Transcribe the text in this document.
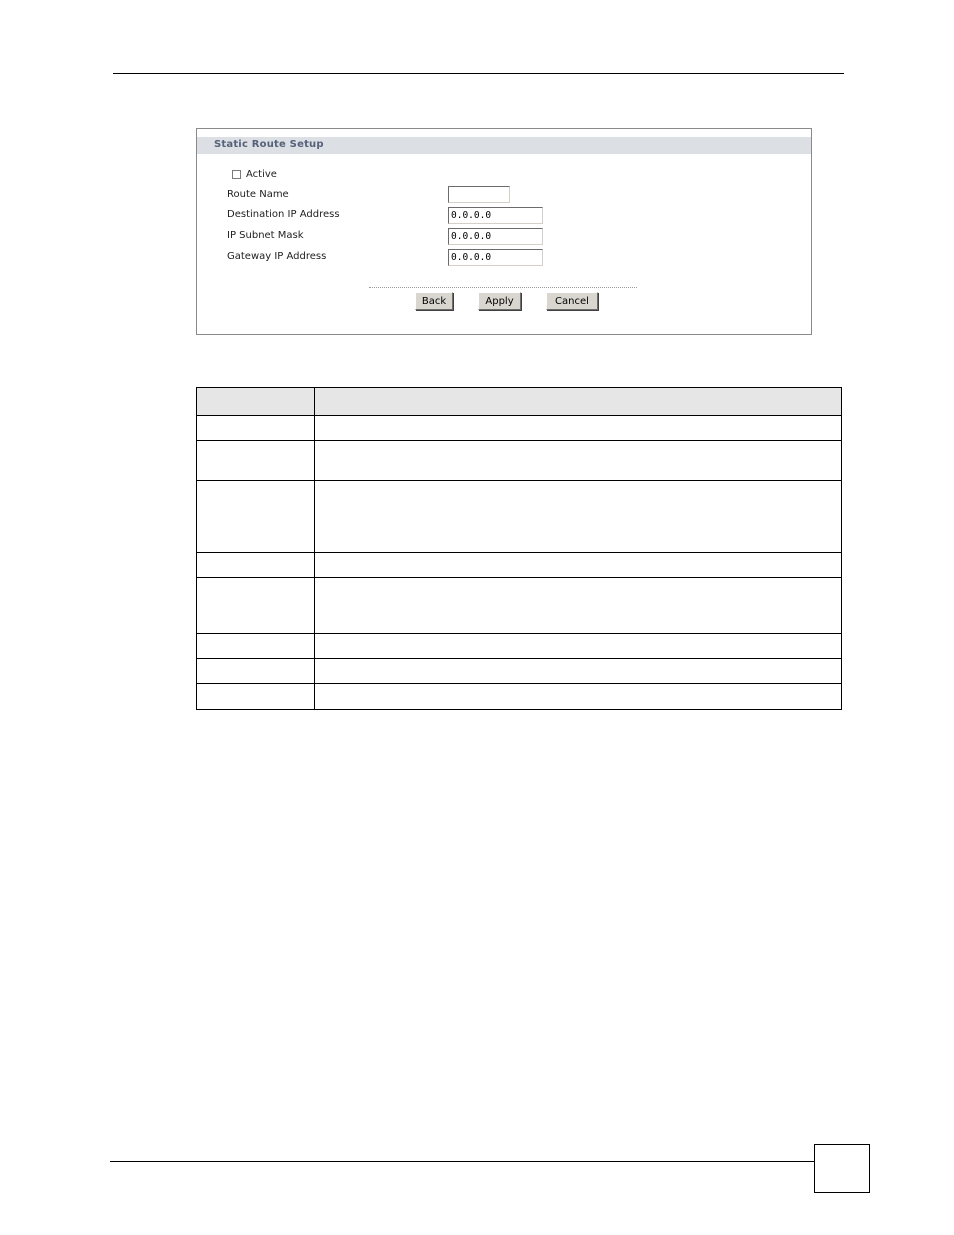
Static Route Setup
Active
Route Name
Destination IP Address
0.0.0.0
IP Subnet Mask
0.0.0.0
Gateway IP Address
0.0.0.0
Back	Apply	Cancel
